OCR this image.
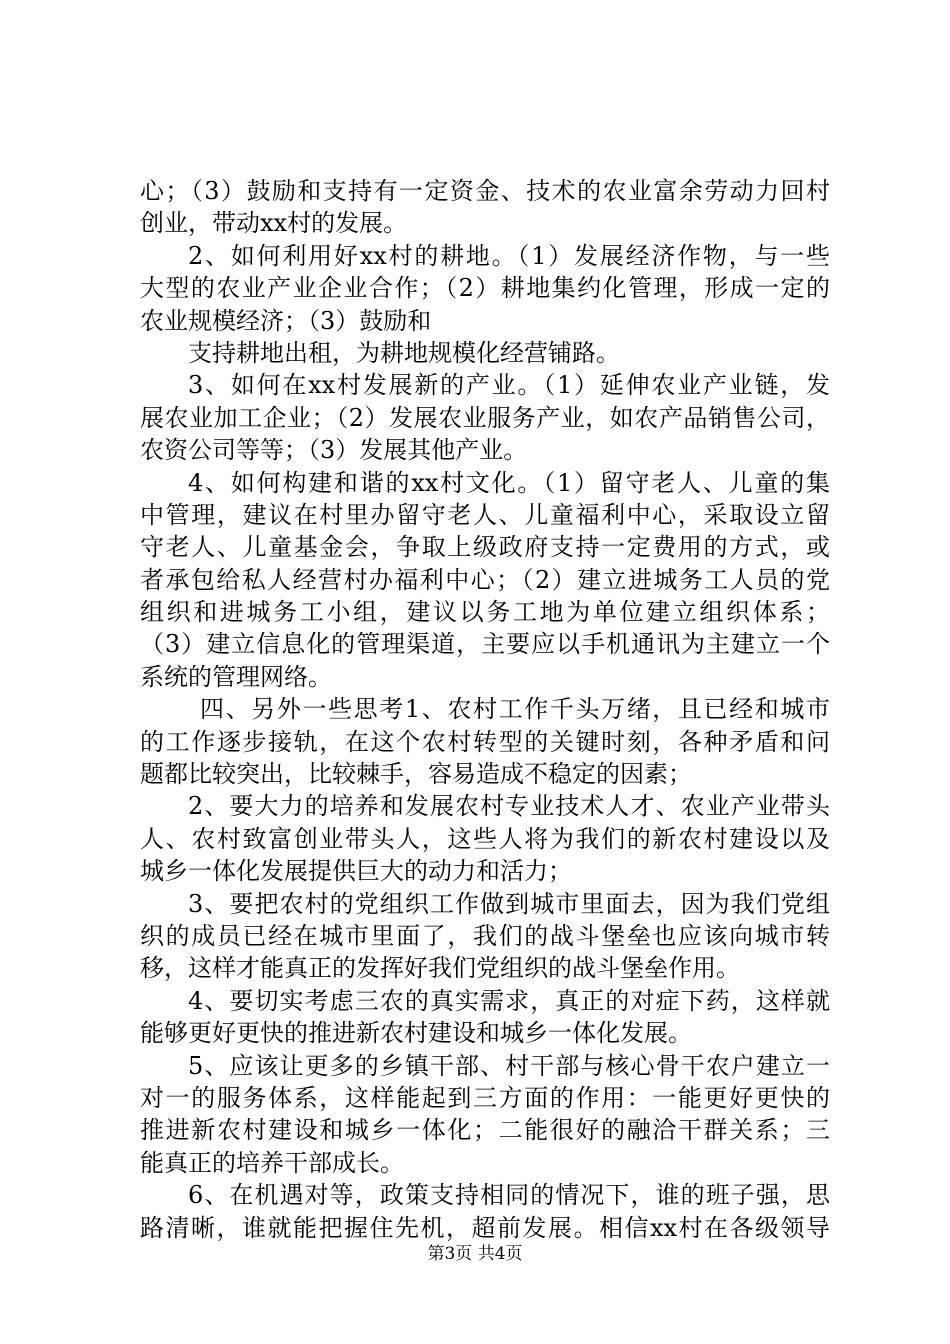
心；（3）鼓励和支持有一定资金、技术的农业富余劳动力回村
创业，带动xx村的发展。
2、如何利用好xx村的耕地。（1）发展经济作物，与一些
大型的农业产业企业合作；（2）耕地集约化管理，形成一定的
农业规模经济；（3）鼓励和
支持耕地出租，为耕地规模化经营铺路。
3、如何在xx村发展新的产业。（1）延伸农业产业链，发
展农业加工企业；（2）发展农业服务产业，如农产品销售公司，
农资公司等等；（3）发展其他产业。
4、如何构建和谐的xx村文化。（1）留守老人、儿童的集
中管理，建议在村里办留守老人、儿童福利中心，采取设立留
守老人、儿童基金会，争取上级政府支持一定费用的方式，或
者承包给私人经营村办福利中心；（2）建立进城务工人员的党
组织和进城务工小组，建议以务工地为单位建立组织体系；
（3）建立信息化的管理渠道，主要应以手机通讯为主建立一个
系统的管理网络。
四、另外一些思考1、农村工作千头万绪，且已经和城市
的工作逐步接轨，在这个农村转型的关键时刻，各种矛盾和问
题都比较突出，比较棘手，容易造成不稳定的因素；
2、要大力的培养和发展农村专业技术人才、农业产业带头
人、农村致富创业带头人，这些人将为我们的新农村建设以及
城乡一体化发展提供巨大的动力和活力；
3、要把农村的党组织工作做到城市里面去，因为我们党组
织的成员已经在城市里面了，我们的战斗堡垒也应该向城市转
移，这样才能真正的发挥好我们党组织的战斗堡垒作用。
4、要切实考虑三农的真实需求，真正的对症下药，这样就
能够更好更快的推进新农村建设和城乡一体化发展。
5、应该让更多的乡镇干部、村干部与核心骨干农户建立一
对一的服务体系，这样能起到三方面的作用：一能更好更快的
推进新农村建设和城乡一体化；二能很好的融洽干群关系；三
能真正的培养干部成长。
6、在机遇对等，政策支持相同的情况下，谁的班子强，思
路清晰，谁就能把握住先机，超前发展。相信xx村在各级领导
第3页 共4页
